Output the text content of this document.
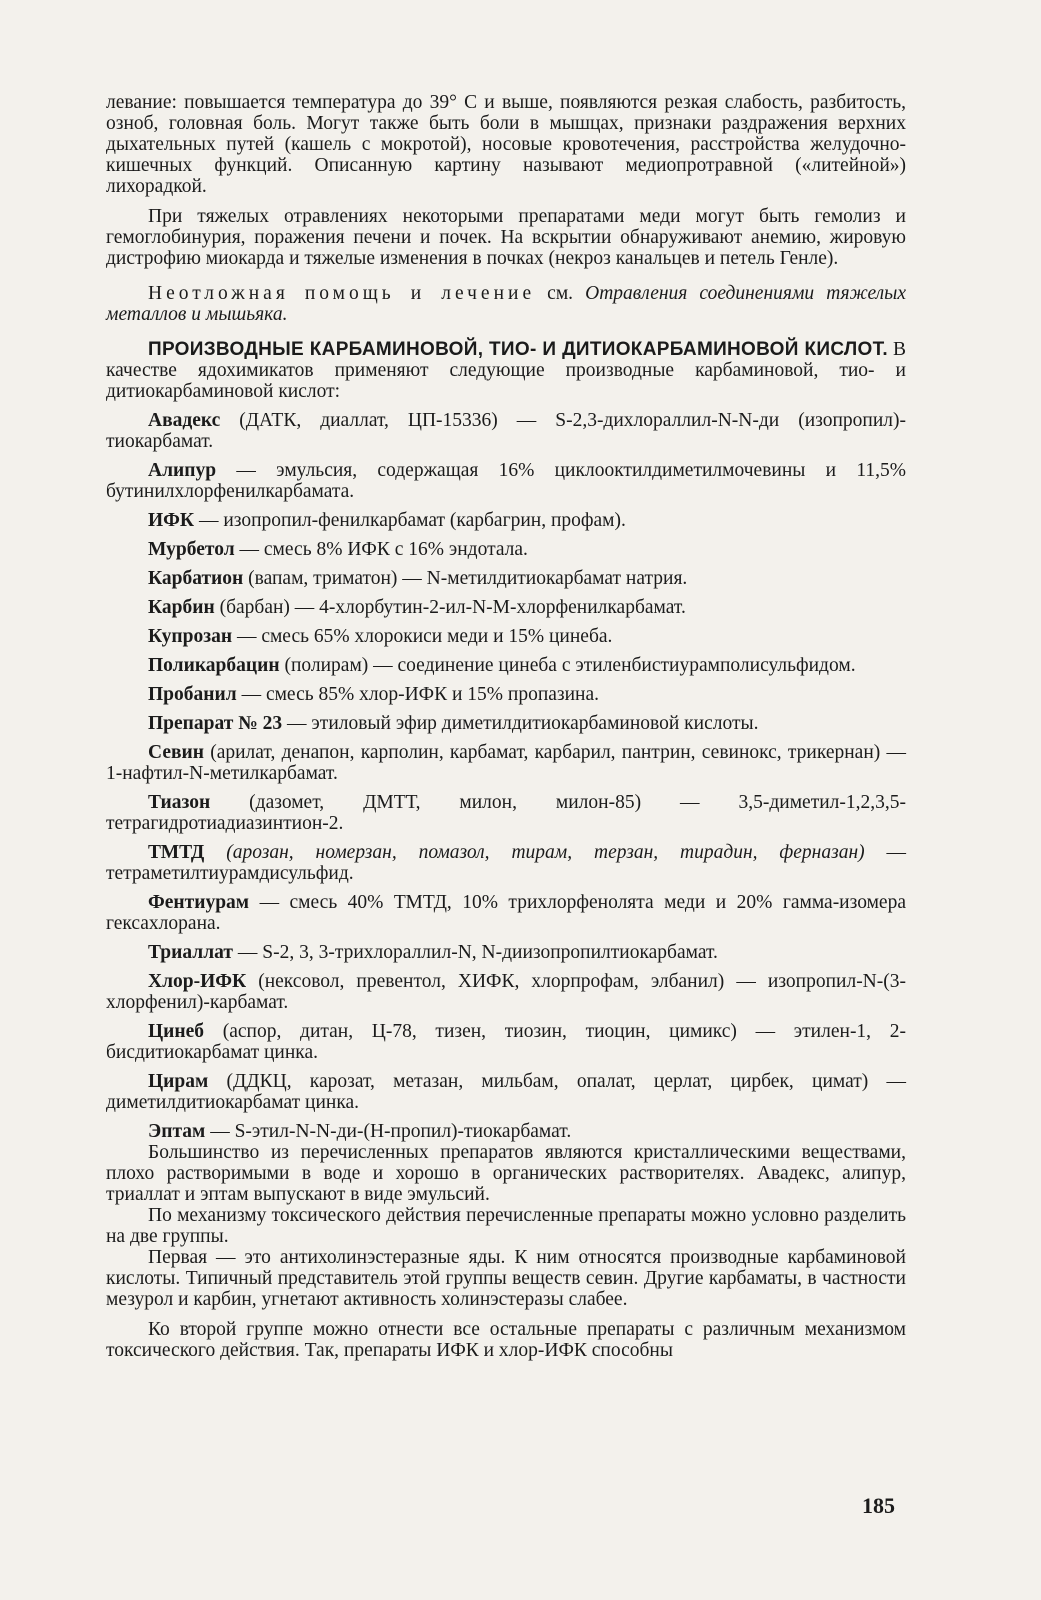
левание: повышается температура до 39° С и выше, появляются резкая слабость, разбитость, озноб, головная боль. Могут также быть боли в мышцах, признаки раздражения верхних дыхательных путей (кашель с мокротой), носовые кровотечения, расстройства желудочно-кишечных функций. Описанную картину называют медиопротравной («литейной») лихорадкой.

При тяжелых отравлениях некоторыми препаратами меди могут быть гемолиз и гемоглобинурия, поражения печени и почек. На вскрытии обнаруживают анемию, жировую дистрофию миокарда и тяжелые изменения в почках (некроз канальцев и петель Генле).

Неотложная помощь и лечение см. Отравления соединениями тяжелых металлов и мышьяка.

ПРОИЗВОДНЫЕ КАРБАМИНОВОЙ, ТИО- И ДИТИОКАРБАМИНОВОЙ КИСЛОТ. В качестве ядохимикатов применяют следующие производные карбаминовой, тио- и дитиокарбаминовой кислот:

Авадекс (ДАТК, диаллат, ЦП-15336) — S-2,3-дихлораллил-N-N-ди (изопропил)-тиокарбамат.

Алипур — эмульсия, содержащая 16% циклооктилдиметилмочевины и 11,5% бутинилхлорфенилкарбамата.

ИФК — изопропил-фенилкарбамат (карбагрин, профам).

Мурбетол — смесь 8% ИФК с 16% эндотала.

Карбатион (вапам, триматон) — N-метилдитиокарбамат натрия.

Карбин (барбан) — 4-хлорбутин-2-ил-N-М-хлорфенилкарбамат.

Купрозан — смесь 65% хлорокиси меди и 15% цинеба.

Поликарбацин (полирам) — соединение цинеба с этиленбистиурамполисульфидом.

Пробанил — смесь 85% хлор-ИФК и 15% пропазина.

Препарат № 23 — этиловый эфир диметилдитиокарбаминовой кислоты.

Севин (арилат, денапон, карполин, карбамат, карбарил, пантрин, севинокс, трикернан) — 1-нафтил-N-метилкарбамат.

Тиазон (дазомет, ДМТТ, милон, милон-85) — 3,5-диметил-1,2,3,5-тетрагидротиадиазинтион-2.

ТМТД (арозан, номерзан, помазол, тирам, терзан, тирадин, ферназан) — тетраметилтиурамдисульфид.

Фентиурам — смесь 40% ТМТД, 10% трихлорфенолята меди и 20% гамма-изомера гексахлорана.

Триаллат — S-2, 3, 3-трихлораллил-N, N-диизопропилтиокарбамат.

Хлор-ИФК (нексовол, превентол, ХИФК, хлорпрофам, элбанил) — изопропил-N-(3-хлорфенил)-карбамат.

Цинеб (аспор, дитан, Ц-78, тизен, тиозин, тиоцин, цимикс) — этилен-1, 2-бисдитиокарбамат цинка.

Цирам (ДДКЦ, карозат, метазан, мильбам, опалат, церлат, цирбек, цимат) — диметилдитиокарбамат цинка.

Эптам — S-этил-N-N-ди-(Н-пропил)-тиокарбамат.

Большинство из перечисленных препаратов являются кристаллическими веществами, плохо растворимыми в воде и хорошо в органических растворителях. Авадекс, алипур, триаллат и эптам выпускают в виде эмульсий.

По механизму токсического действия перечисленные препараты можно условно разделить на две группы.

Первая — это антихолинэстеразные яды. К ним относятся производные карбаминовой кислоты. Типичный представитель этой группы веществ севин. Другие карбаматы, в частности мезурол и карбин, угнетают активность холинэстеразы слабее.

Ко второй группе можно отнести все остальные препараты с различным механизмом токсического действия. Так, препараты ИФК и хлор-ИФК способны

185
